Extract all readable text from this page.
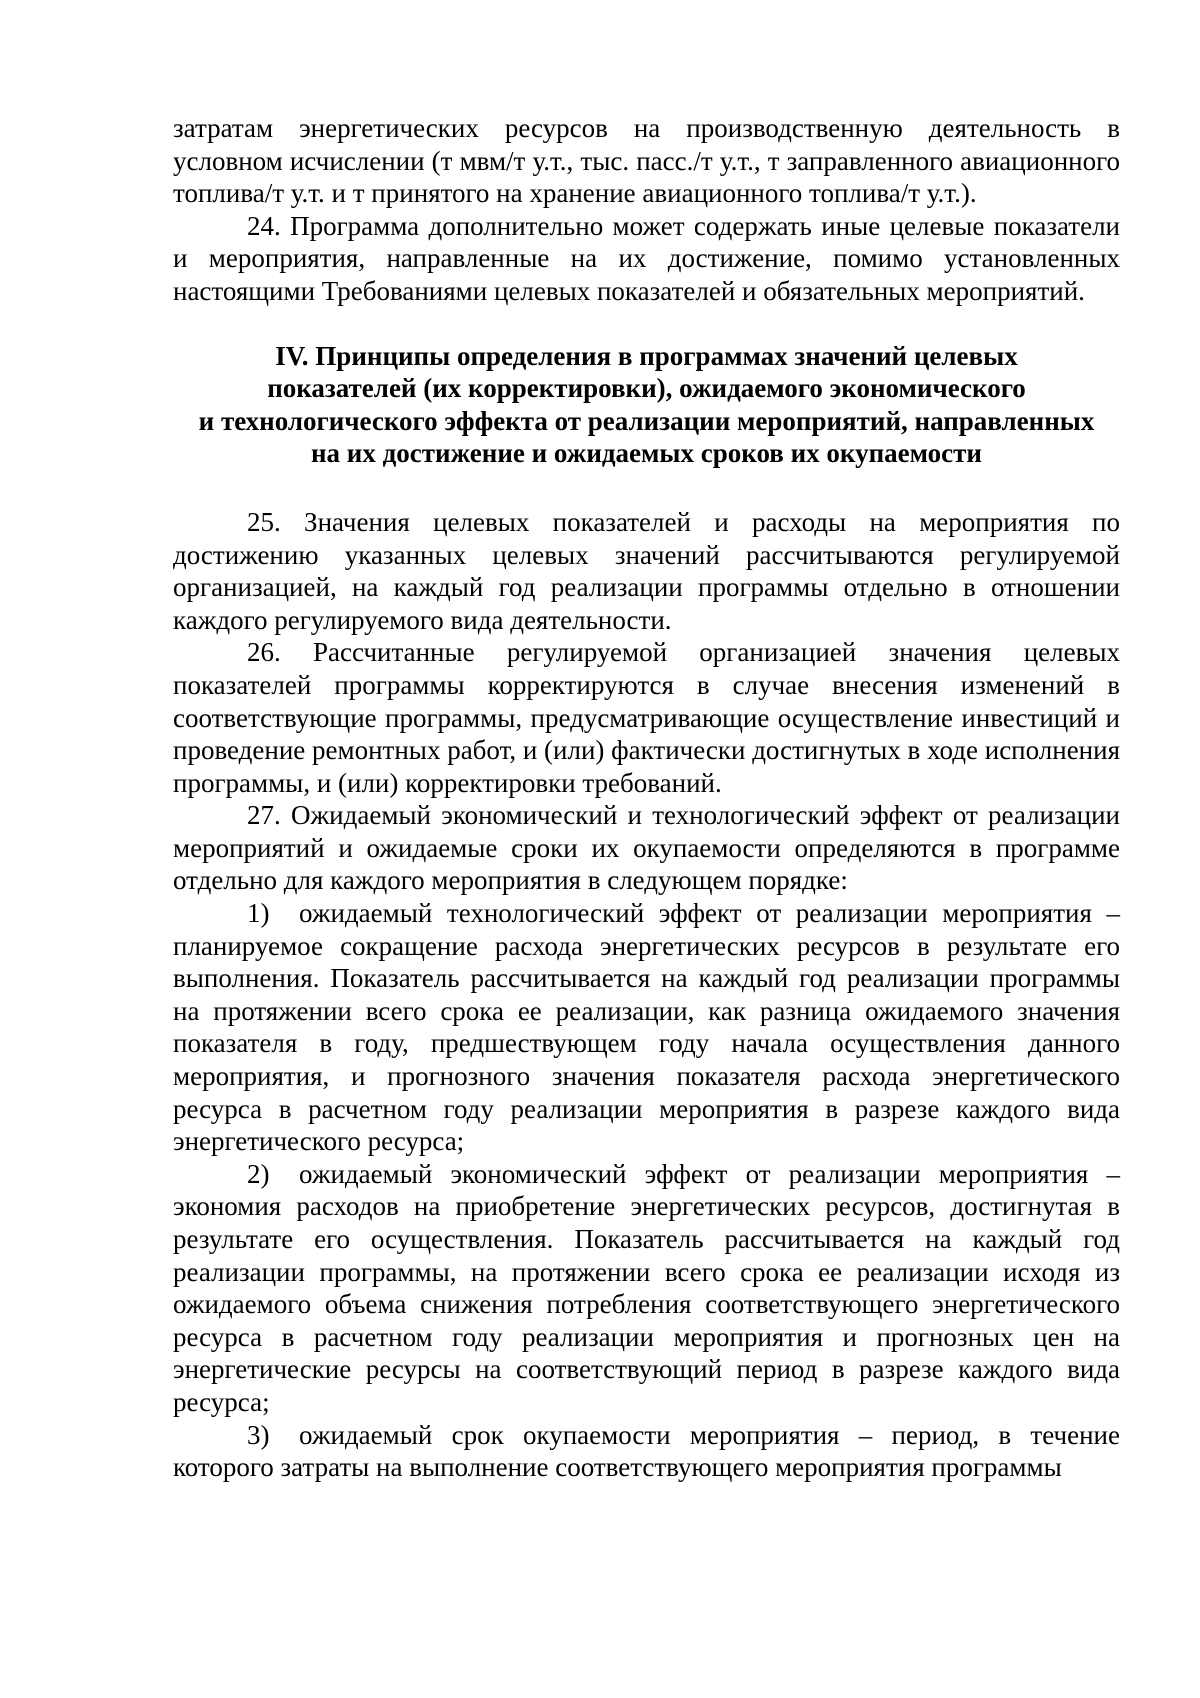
затратам энергетических ресурсов на производственную деятельность в условном исчислении (т мвм/т у.т., тыс. пасс./т у.т., т заправленного авиационного топлива/т у.т. и т принятого на хранение авиационного топлива/т у.т.).

24. Программа дополнительно может содержать иные целевые показатели и мероприятия, направленные на их достижение, помимо установленных настоящими Требованиями целевых показателей и обязательных мероприятий.

IV. Принципы определения в программах значений целевых
показателей (их корректировки), ожидаемого экономического
и технологического эффекта от реализации мероприятий, направленных
на их достижение и ожидаемых сроков их окупаемости

25. Значения целевых показателей и расходы на мероприятия по достижению указанных целевых значений рассчитываются регулируемой организацией, на каждый год реализации программы отдельно в отношении каждого регулируемого вида деятельности.

26. Рассчитанные регулируемой организацией значения целевых показателей программы корректируются в случае внесения изменений в соответствующие программы, предусматривающие осуществление инвестиций и проведение ремонтных работ, и (или) фактически достигнутых в ходе исполнения программы, и (или) корректировки требований.

27. Ожидаемый экономический и технологический эффект от реализации мероприятий и ожидаемые сроки их окупаемости определяются в программе отдельно для каждого мероприятия в следующем порядке:

1) ожидаемый технологический эффект от реализации мероприятия – планируемое сокращение расхода энергетических ресурсов в результате его выполнения. Показатель рассчитывается на каждый год реализации программы на протяжении всего срока ее реализации, как разница ожидаемого значения показателя в году, предшествующем году начала осуществления данного мероприятия, и прогнозного значения показателя расхода энергетического ресурса в расчетном году реализации мероприятия в разрезе каждого вида энергетического ресурса;

2) ожидаемый экономический эффект от реализации мероприятия – экономия расходов на приобретение энергетических ресурсов, достигнутая в результате его осуществления. Показатель рассчитывается на каждый год реализации программы, на протяжении всего срока ее реализации исходя из ожидаемого объема снижения потребления соответствующего энергетического ресурса в расчетном году реализации мероприятия и прогнозных цен на энергетические ресурсы на соответствующий период в разрезе каждого вида ресурса;

3) ожидаемый срок окупаемости мероприятия – период, в течение которого затраты на выполнение соответствующего мероприятия программы
